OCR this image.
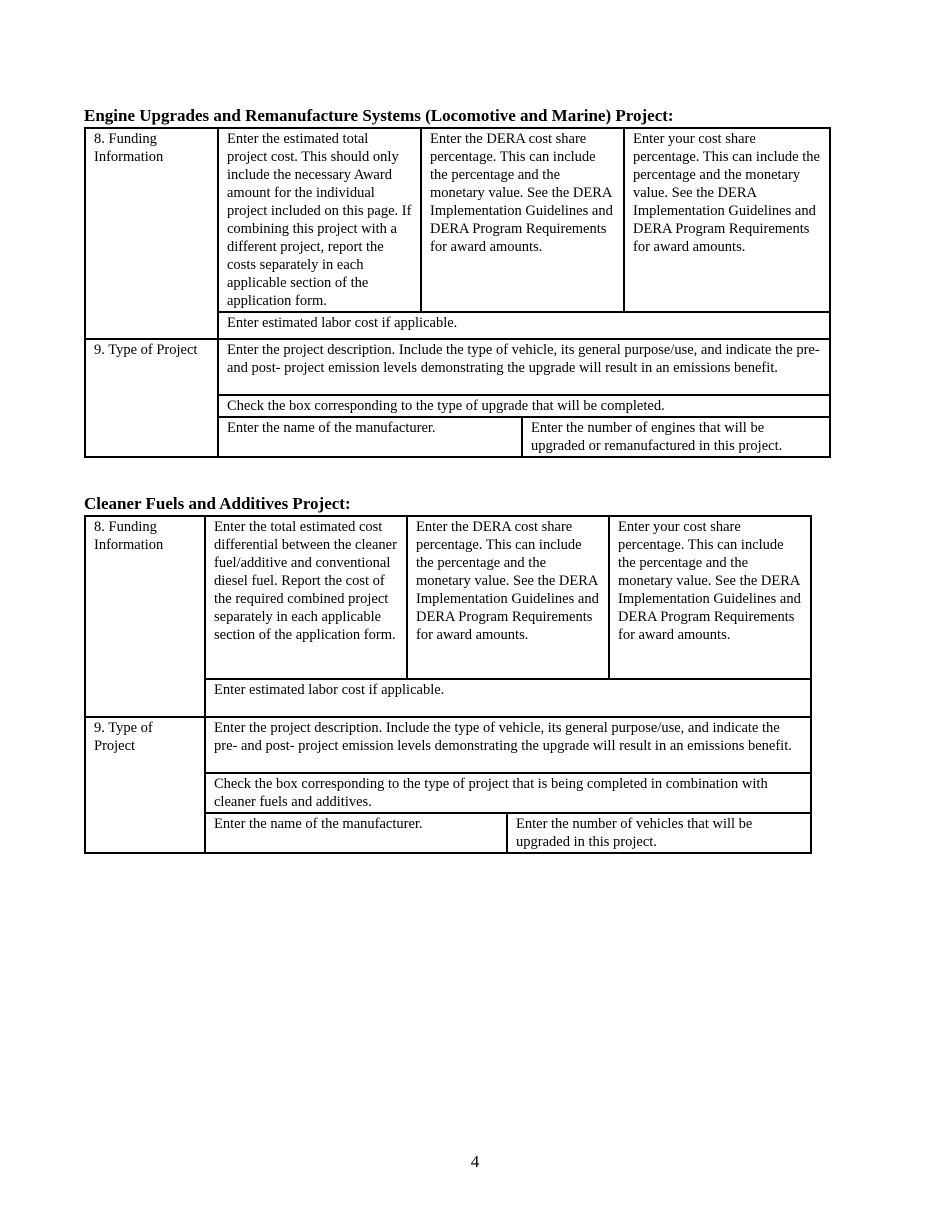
Engine Upgrades and Remanufacture Systems (Locomotive and Marine) Project:
8. Funding Information	Enter the estimated total project cost. This should only include the necessary Award amount for the individual project included on this page. If combining this project with a different project, report the costs separately in each applicable section of the application form.	Enter the DERA cost share percentage. This can include the percentage and the monetary value. See the DERA Implementation Guidelines and DERA Program Requirements for award amounts.		Enter your cost share percentage. This can include the percentage and the monetary value. See the DERA Implementation Guidelines and DERA Program Requirements for award amounts.
	Enter estimated labor cost if applicable.			
9. Type of Project	Enter the project description. Include the type of vehicle, its general purpose/use, and indicate the pre- and post- project emission levels demonstrating the upgrade will result in an emissions benefit.			
	Check the box corresponding to the type of upgrade that will be completed.			
	Enter the name of the manufacturer.		Enter the number of engines that will be upgraded or remanufactured in this project.	
Cleaner Fuels and Additives Project:
8. Funding Information	Enter the total estimated cost differential between the cleaner fuel/additive and conventional diesel fuel. Report the cost of the required combined project separately in each applicable section of the application form.	Enter the DERA cost share percentage. This can include the percentage and the monetary value. See the DERA Implementation Guidelines and DERA Program Requirements for award amounts.		Enter your cost share percentage. This can include the percentage and the monetary value. See the DERA Implementation Guidelines and DERA Program Requirements for award amounts.
	Enter estimated labor cost if applicable.			
9. Type of Project	Enter the project description. Include the type of vehicle, its general purpose/use, and indicate the pre- and post- project emission levels demonstrating the upgrade will result in an emissions benefit.			
	Check the box corresponding to the type of project that is being completed in combination with cleaner fuels and additives.			
	Enter the name of the manufacturer.		Enter the number of vehicles that will be upgraded in this project.	
4
